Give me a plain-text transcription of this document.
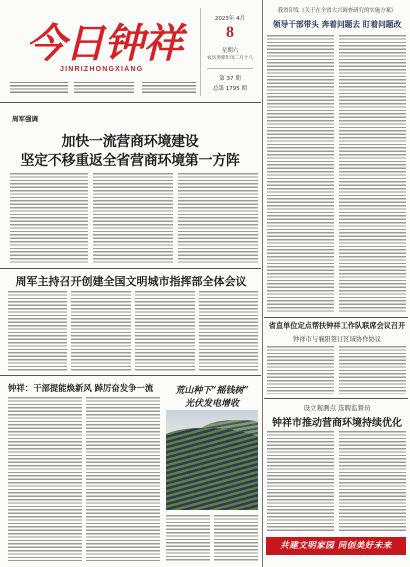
今日钟祥
JINRIZHONGXIANG
2023年 4月
8
星期六
农历癸卯年闰二月十八
第 37 期
总第 1795 期
周军强调
加快一流营商环境建设
坚定不移重返全省营商环境第一方阵
周军主持召开创建全国文明城市指挥部全体会议
钟祥：干部提能焕新风 踔厉奋发争一流	荒山种下“摇钱树”
光伏发电增收
我省印发《关于在全省大兴调查研究的实施方案》
领导干部带头 奔着问题去 盯着问题改
省直单位定点帮扶钟祥工作队联席会议召开
钟祥市与襄阳签订区域协作协议
设立观测点 选聘监督员
钟祥市推动营商环境持续优化
共建文明家园 同创美好未来
